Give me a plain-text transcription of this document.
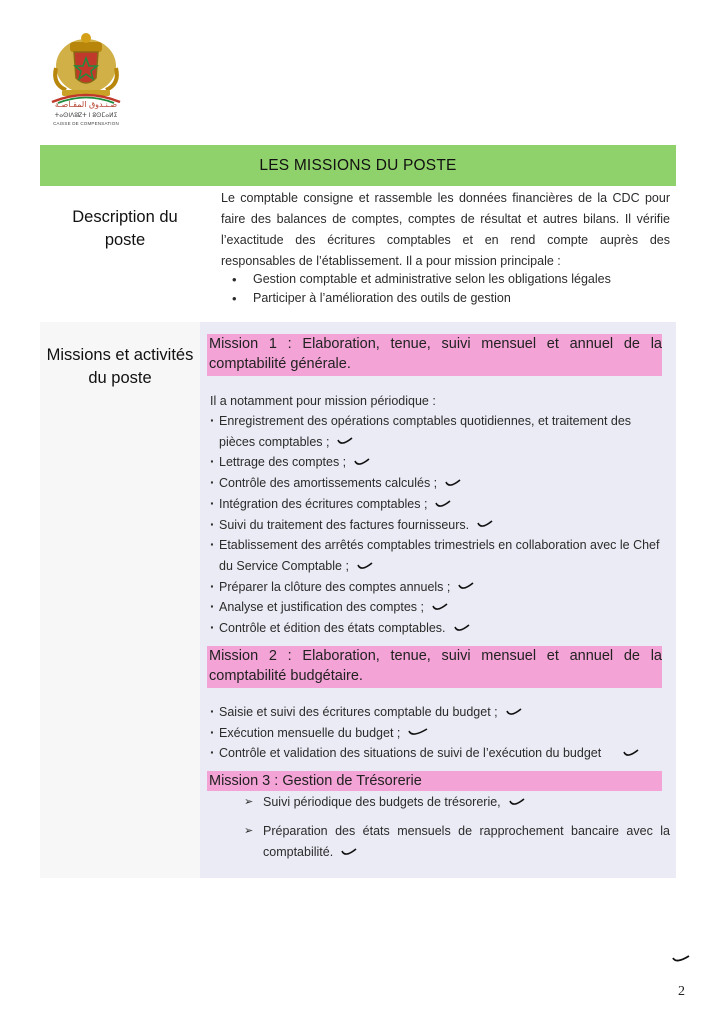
صـنـدوق المقـاصـة
ⵜⴰⵙⵏⴷⵓⵇⵜ ⵏ ⵓⵙⵎⴰⵍⵉ
CAISSE DE COMPENSATION
LES MISSIONS DU POSTE
Description du poste
Le comptable consigne et rassemble les données financières de la CDC pour faire des balances de comptes, comptes de résultat et autres bilans. Il vérifie l’exactitude des écritures comptables et en rend compte auprès des responsables de l’établissement. Il a pour mission principale :
• Gestion comptable et administrative selon les obligations légales
• Participer à l’amélioration des outils de gestion
Missions et activités du poste
Mission 1 : Elaboration, tenue, suivi mensuel et annuel de la comptabilité générale.
Il a notamment pour mission périodique :
· Enregistrement des opérations comptables quotidiennes, et traitement des pièces comptables ;
· Lettrage des comptes ;
· Contrôle des amortissements calculés ;
· Intégration des écritures comptables ;
· Suivi du traitement des factures fournisseurs.
· Etablissement des arrêtés comptables trimestriels en collaboration avec le Chef du Service Comptable ;
· Préparer la clôture des comptes annuels ;
· Analyse et justification des comptes ;
· Contrôle et édition des états comptables.
Mission 2 : Elaboration, tenue, suivi mensuel et annuel de la comptabilité budgétaire.
· Saisie et suivi des écritures comptable du budget ;
· Exécution mensuelle du budget ;
· Contrôle et validation des situations de suivi de l’exécution du budget
Mission 3 : Gestion de Trésorerie
➢ Suivi périodique des budgets de trésorerie,
➢ Préparation des états mensuels de rapprochement bancaire avec la comptabilité.
2
